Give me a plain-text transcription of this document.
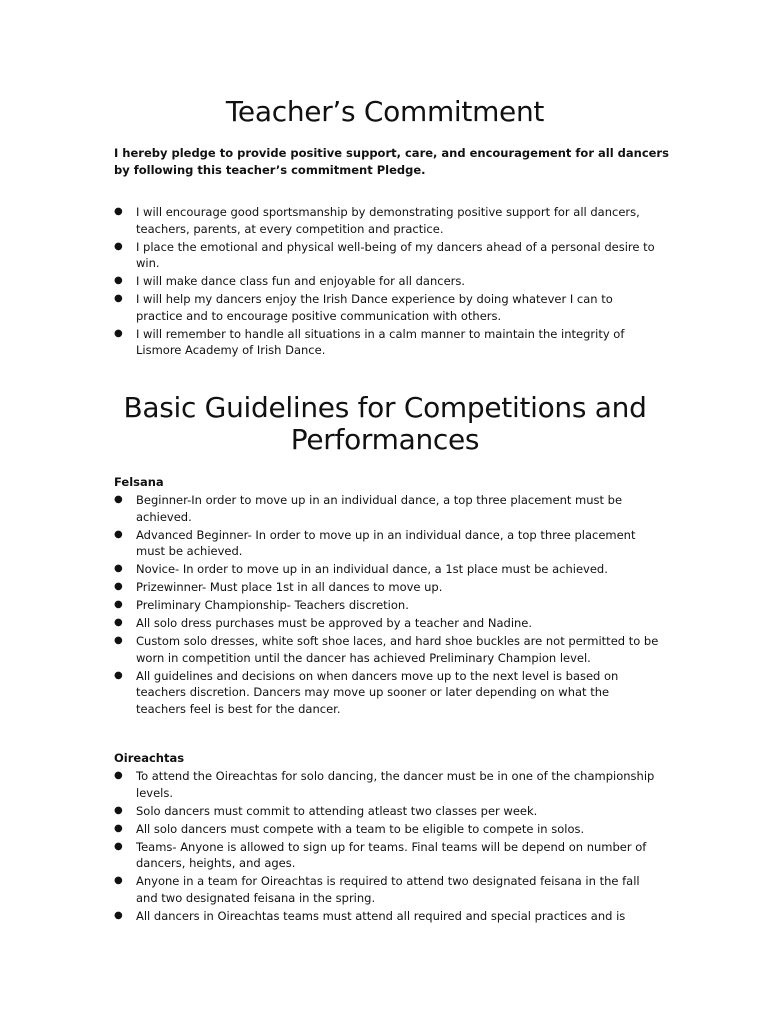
Teacher’s Commitment

I hereby pledge to provide positive support, care, and encouragement for all dancers by following this teacher’s commitment Pledge.

●	I will encourage good sportsmanship by demonstrating positive support for all dancers, teachers, parents, at every competition and practice.
●	I place the emotional and physical well-being of my dancers ahead of a personal desire to win.
●	I will make dance class fun and enjoyable for all dancers.
●	I will help my dancers enjoy the Irish Dance experience by doing whatever I can to practice and to encourage positive communication with others.
●	I will remember to handle all situations in a calm manner to maintain the integrity of Lismore Academy of Irish Dance.
Basic Guidelines for Competitions and Performances

Felsana

●	Beginner-In order to move up in an individual dance, a top three placement must be achieved.
●	Advanced Beginner- In order to move up in an individual dance, a top three placement must be achieved.
●	Novice- In order to move up in an individual dance, a 1st place must be achieved.
●	Prizewinner- Must place 1st in all dances to move up.
●	Preliminary Championship- Teachers discretion.
●	All solo dress purchases must be approved by a teacher and Nadine.
●	Custom solo dresses, white soft shoe laces, and hard shoe buckles are not permitted to be worn in competition until the dancer has achieved Preliminary Champion level.
●	All guidelines and decisions on when dancers move up to the next level is based on teachers discretion. Dancers may move up sooner or later depending on what the teachers feel is best for the dancer.

Oireachtas

●	To attend the Oireachtas for solo dancing, the dancer must be in one of the championship levels.
●	Solo dancers must commit to attending atleast two classes per week.
●	All solo dancers must compete with a team to be eligible to compete in solos.
●	Teams- Anyone is allowed to sign up for teams. Final teams will be depend on number of dancers, heights, and ages.
●	Anyone in a team for Oireachtas is required to attend two designated feisana in the fall and two designated feisana in the spring.
●	All dancers in Oireachtas teams must attend all required and special practices and is
